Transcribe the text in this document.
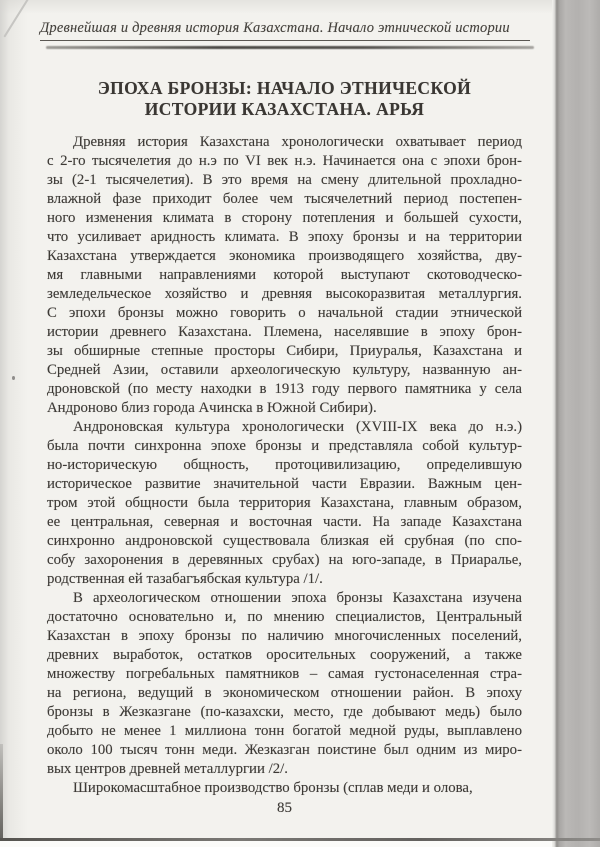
Древнейшая и древняя история Казахстана. Начало этнической истории
ЭПОХА БРОНЗЫ: НАЧАЛО ЭТНИЧЕСКОЙ
ИСТОРИИ КАЗАХСТАНА. АРЬЯ
Древняя история Казахстана хронологически охватывает период
с 2-го тысячелетия до н.э по VI век н.э. Начинается она с эпохи брон-
зы (2-1 тысячелетия). В это время на смену длительной прохладно-
влажной фазе приходит более чем тысячелетний период постепен-
ного изменения климата в сторону потепления и большей сухости,
что усиливает аридность климата. В эпоху бронзы и на территории
Казахстана утверждается экономика производящего хозяйства, дву-
мя главными направлениями которой выступают скотоводческо-
земледельческое хозяйство и древняя высокоразвитая металлургия.
С эпохи бронзы можно говорить о начальной стадии этнической
истории древнего Казахстана. Племена, населявшие в эпоху брон-
зы обширные степные просторы Сибири, Приуралья, Казахстана и
Средней Азии, оставили археологическую культуру, названную ан-
дроновской (по месту находки в 1913 году первого памятника у села
Андроново близ города Ачинска в Южной Сибири).
Андроновская культура хронологически (XVIII-IX века до н.э.)
была почти синхронна эпохе бронзы и представляла собой культур-
но-историческую общность, протоцивилизацию, определившую
историческое развитие значительной части Евразии. Важным цен-
тром этой общности была территория Казахстана, главным образом,
ее центральная, северная и восточная части. На западе Казахстана
синхронно андроновской существовала близкая ей срубная (по спо-
собу захоронения в деревянных срубах) на юго-западе, в Приаралье,
родственная ей тазабагъябская культура /1/.
В археологическом отношении эпоха бронзы Казахстана изучена
достаточно основательно и, по мнению специалистов, Центральный
Казахстан в эпоху бронзы по наличию многочисленных поселений,
древних выработок, остатков оросительных сооружений, а также
множеству погребальных памятников – самая густонаселенная стра-
на региона, ведущий в экономическом отношении район. В эпоху
бронзы в Жезказгане (по-казахски, место, где добывают медь) было
добыто не менее 1 миллиона тонн богатой медной руды, выплавлено
около 100 тысяч тонн меди. Жезказган поистине был одним из миро-
вых центров древней металлургии /2/.
Широкомасштабное производство бронзы (сплав меди и олова,
85
